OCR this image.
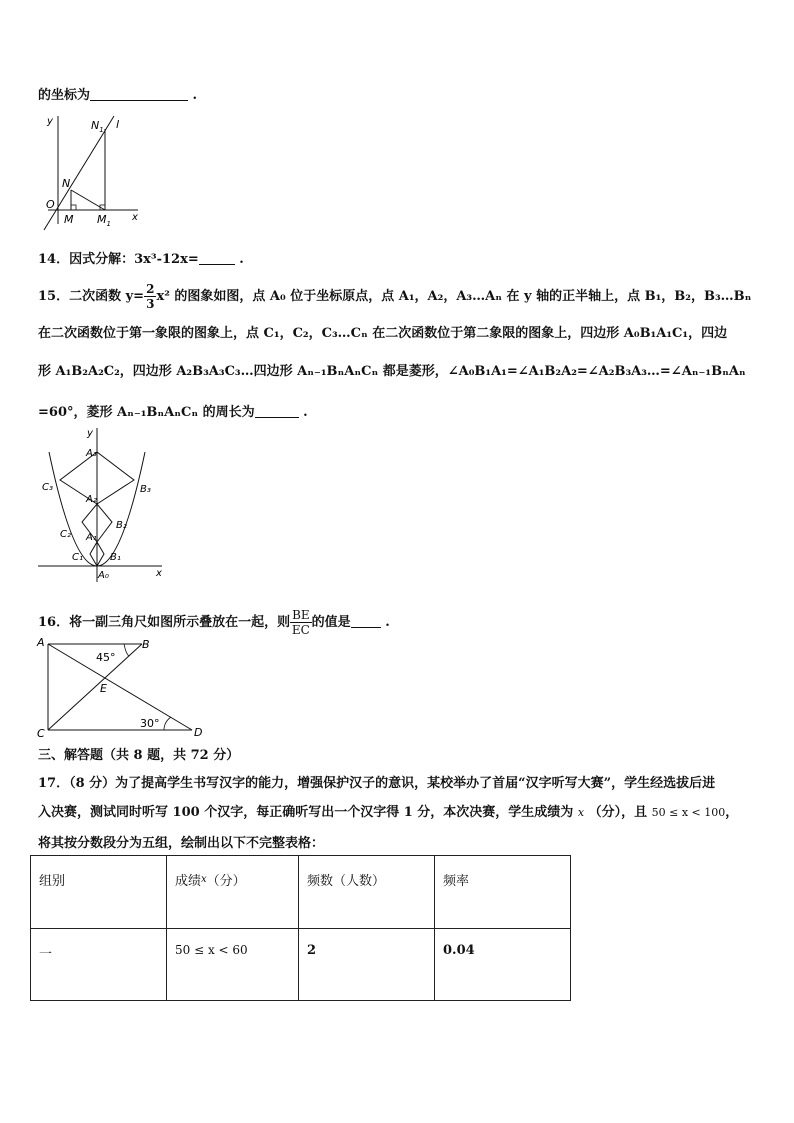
的坐标为	.
y
x
O
$N_1$ l
N
M $M_1$
14．因式分解：3x³-12x=	.
15．二次函数 $y= \frac{2}{3} x^2$ 的图象如图，点 A₀ 位于坐标原点，点 A₁，A₂，A₃…Aₙ 在 y 轴的正半轴上，点 B₁，B₂，B₃…Bₙ
在二次函数位于第一象限的图象上，点 C₁，C₂，C₃…Cₙ 在二次函数位于第二象限的图象上，四边形 A₀B₁A₁C₁，四边
形 A₁B₂A₂C₂，四边形 A₂B₃A₃C₃…四边形 Aₙ₋₁BₙAₙCₙ 都是菱形，∠A₀B₁A₁=∠A₁B₂A₂=∠A₂B₃A₃…=∠Aₙ₋₁BₙAₙ
=60°，菱形 Aₙ₋₁BₙAₙCₙ 的周长为	.
y
x
A₀
A₁
A₂
A₃
B₁
B₂
B₃
C₁
C₂
C₃
16．将一副三角尺如图所示叠放在一起，则 $\frac{BE}{EC}$ 的值是	.
A	B
C	D
E
45°
30°
三、解答题（共 8 题，共 72 分）
17．（8 分）为了提高学生书写汉字的能力，增强保护汉子的意识，某校举办了首届“汉字听写大赛”，学生经选拔后进
入决赛，测试同时听写 100 个汉字，每正确听写出一个汉字得 1 分，本次决赛，学生成绩为 x （分），且 50 ≤ x < 100，
将其按分数段分为五组，绘制出以下不完整表格：
组别	成绩$^x$（分）	频数（人数）	频率
一	50 ≤ x < 60	2	0.04
